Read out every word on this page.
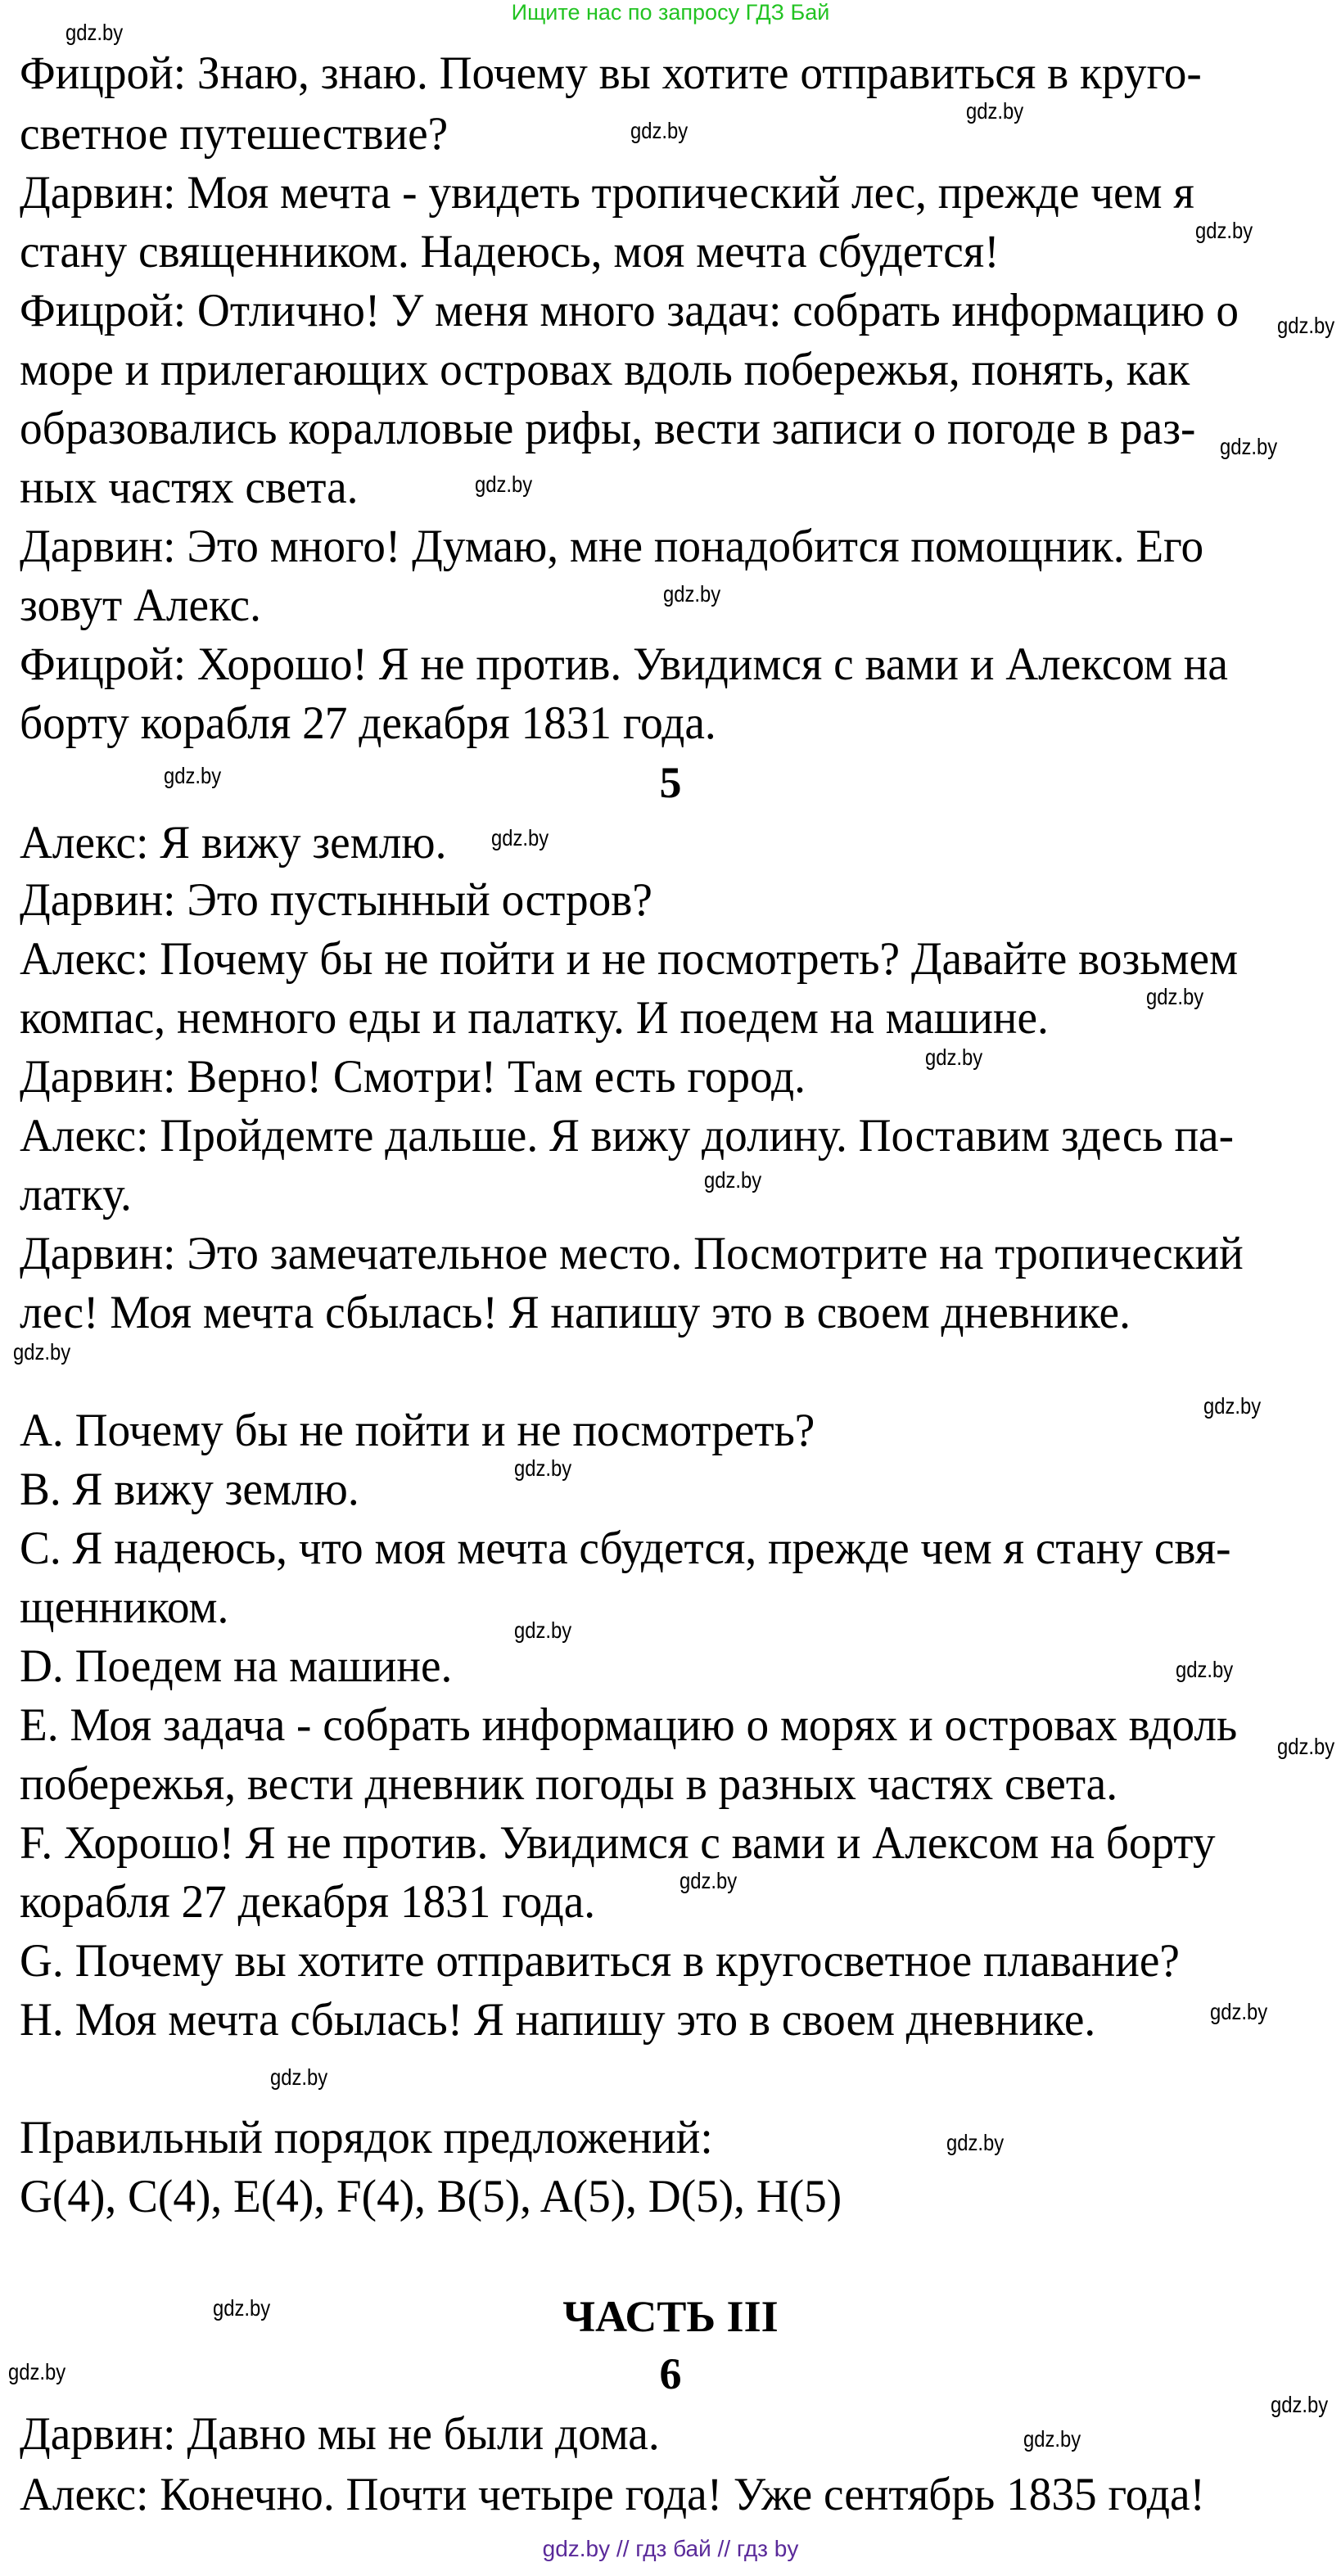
Ищите нас по запросу ГДЗ Бай
Фицрой: Знаю, знаю. Почему вы хотите отправиться в круго-
светное путешествие?
Дарвин: Моя мечта - увидеть тропический лес, прежде чем я
стану священником. Надеюсь, моя мечта сбудется!
Фицрой: Отлично! У меня много задач: собрать информацию о
море и прилегающих островах вдоль побережья, понять, как
образовались коралловые рифы, вести записи о погоде в раз-
ных частях света.
Дарвин: Это много! Думаю, мне понадобится помощник. Его
зовут Алекс.
Фицрой: Хорошо! Я не против. Увидимся с вами и Алексом на
борту корабля 27 декабря 1831 года.
Алекс: Я вижу землю.
Дарвин: Это пустынный остров?
Алекс: Почему бы не пойти и не посмотреть? Давайте возьмем
компас, немного еды и палатку. И поедем на машине.
Дарвин: Верно! Смотри! Там есть город.
Алекс: Пройдемте дальше. Я вижу долину. Поставим здесь па-
латку.
Дарвин: Это замечательное место. Посмотрите на тропический
лес! Моя мечта сбылась! Я напишу это в своем дневнике.
A. Почему бы не пойти и не посмотреть?
B. Я вижу землю.
C. Я надеюсь, что моя мечта сбудется, прежде чем я стану свя-
щенником.
D. Поедем на машине.
E. Моя задача - собрать информацию о морях и островах вдоль
побережья, вести дневник погоды в разных частях света.
F. Хорошо! Я не против. Увидимся с вами и Алексом на борту
корабля 27 декабря 1831 года.
G. Почему вы хотите отправиться в кругосветное плавание?
H. Моя мечта сбылась! Я напишу это в своем дневнике.
Правильный порядок предложений:
G(4), C(4), E(4), F(4), B(5), A(5), D(5), H(5)
Дарвин: Давно мы не были дома.
Алекс: Конечно. Почти четыре года! Уже сентябрь 1835 года!
5
ЧАСТЬ III
6
gdz.by
gdz.by
gdz.by
gdz.by
gdz.by
gdz.by
gdz.by
gdz.by
gdz.by
gdz.by
gdz.by
gdz.by
gdz.by
gdz.by
gdz.by
gdz.by
gdz.by
gdz.by
gdz.by
gdz.by
gdz.by
gdz.by
gdz.by
gdz.by
gdz.by
gdz.by
gdz.by
gdz.by // гдз бай // гдз by
